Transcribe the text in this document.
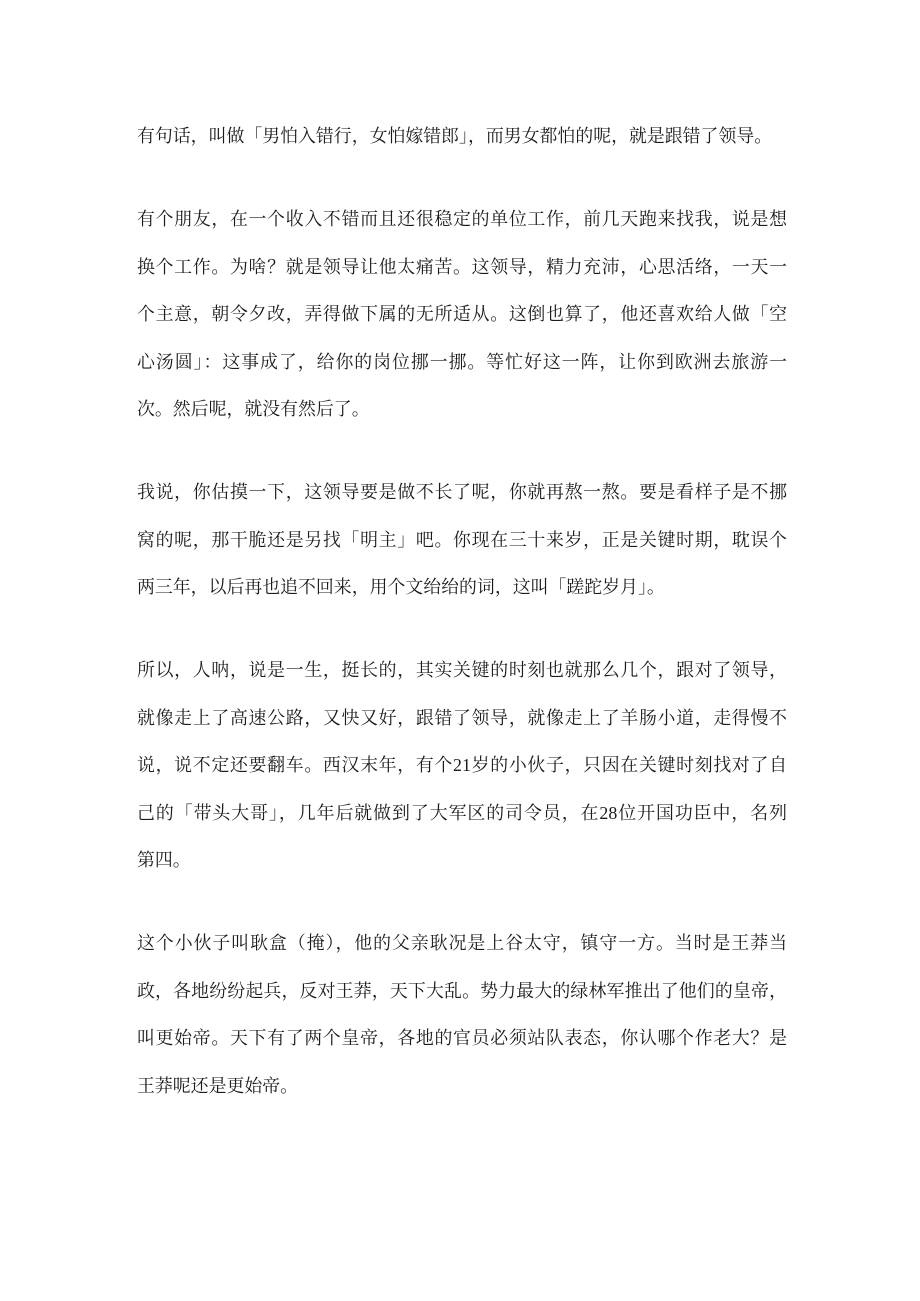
有句话，叫做「男怕入错行，女怕嫁错郎」，而男女都怕的呢，就是跟错了领导。
有个朋友，在一个收入不错而且还很稳定的单位工作，前几天跑来找我，说是想
换个工作。为啥？就是领导让他太痛苦。这领导，精力充沛，心思活络，一天一
个主意，朝令夕改，弄得做下属的无所适从。这倒也算了，他还喜欢给人做「空
心汤圆」：这事成了，给你的岗位挪一挪。等忙好这一阵，让你到欧洲去旅游一
次。然后呢，就没有然后了。
我说，你估摸一下，这领导要是做不长了呢，你就再熬一熬。要是看样子是不挪
窝的呢，那干脆还是另找「明主」吧。你现在三十来岁，正是关键时期，耽误个
两三年，以后再也追不回来，用个文绐绐的词，这叫「蹉跎岁月」。
所以，人呐，说是一生，挺长的，其实关键的时刻也就那么几个，跟对了领导，
就像走上了高速公路，又快又好，跟错了领导，就像走上了羊肠小道，走得慢不
说，说不定还要翻车。西汉末年，有个21岁的小伙子，只因在关键时刻找对了自
己的「带头大哥」，几年后就做到了大军区的司令员，在28位开国功臣中，名列
第四。
这个小伙子叫耿盒（掩），他的父亲耿况是上谷太守，镇守一方。当时是王莽当
政，各地纷纷起兵，反对王莽，天下大乱。势力最大的绿林军推出了他们的皇帝，
叫更始帝。天下有了两个皇帝，各地的官员必须站队表态，你认哪个作老大？是
王莽呢还是更始帝。
